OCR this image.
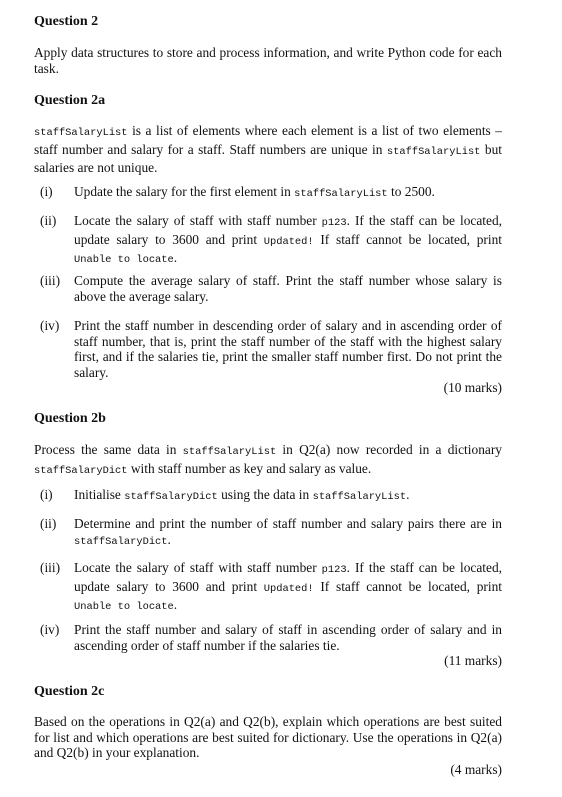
Question 2
Apply data structures to store and process information, and write Python code for each task.
Question 2a
staffSalaryList is a list of elements where each element is a list of two elements – staff number and salary for a staff. Staff numbers are unique in staffSalaryList but salaries are not unique.
(i) Update the salary for the first element in staffSalaryList to 2500.
(ii) Locate the salary of staff with staff number p123. If the staff can be located, update salary to 3600 and print Updated! If staff cannot be located, print Unable to locate.
(iii) Compute the average salary of staff. Print the staff number whose salary is above the average salary.
(iv) Print the staff number in descending order of salary and in ascending order of staff number, that is, print the staff number of the staff with the highest salary first, and if the salaries tie, print the smaller staff number first. Do not print the salary.
(10 marks)
Question 2b
Process the same data in staffSalaryList in Q2(a) now recorded in a dictionary staffSalaryDict with staff number as key and salary as value.
(i) Initialise staffSalaryDict using the data in staffSalaryList.
(ii) Determine and print the number of staff number and salary pairs there are in staffSalaryDict.
(iii) Locate the salary of staff with staff number p123. If the staff can be located, update salary to 3600 and print Updated! If staff cannot be located, print Unable to locate.
(iv) Print the staff number and salary of staff in ascending order of salary and in ascending order of staff number if the salaries tie.
(11 marks)
Question 2c
Based on the operations in Q2(a) and Q2(b), explain which operations are best suited for list and which operations are best suited for dictionary. Use the operations in Q2(a) and Q2(b) in your explanation.
(4 marks)
